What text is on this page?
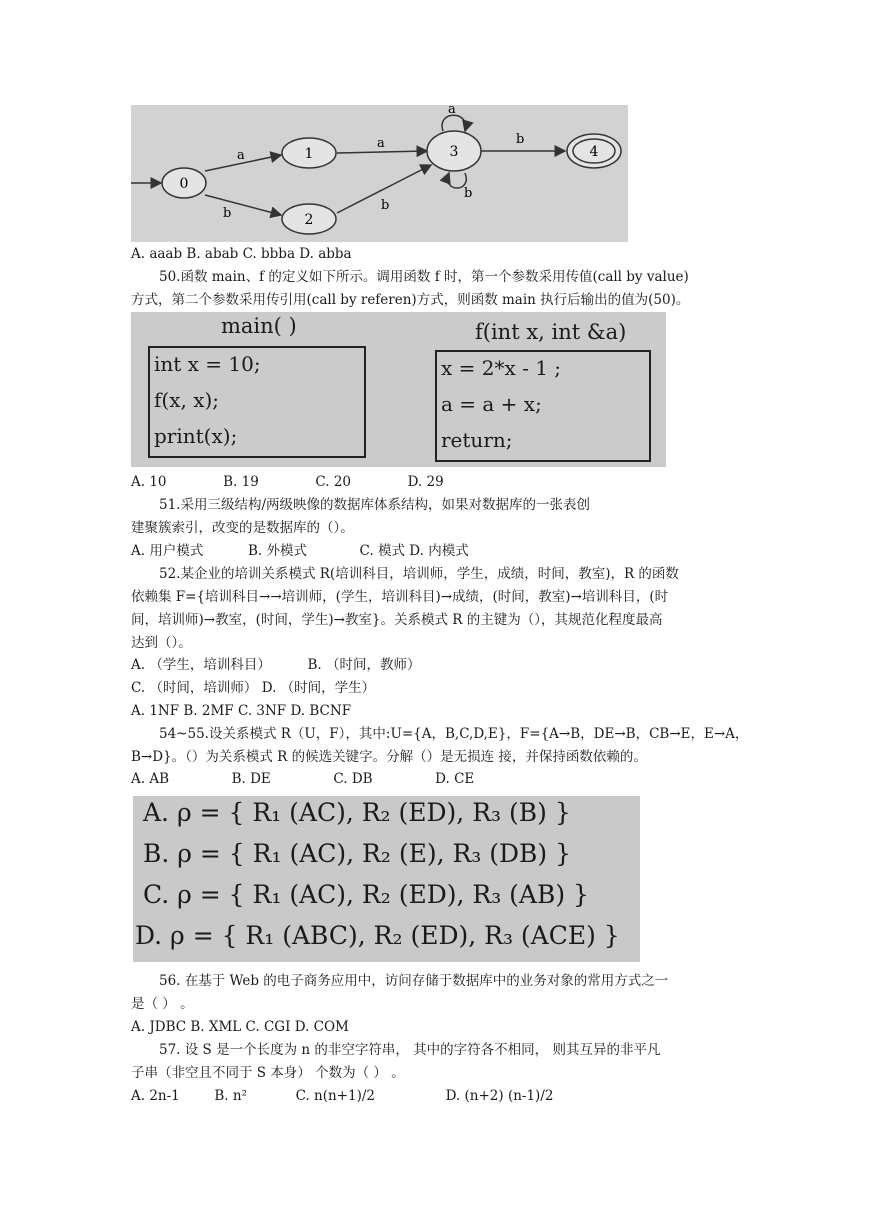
0
1
2
3	4
a
b
a
b
a
b
b
A. aaab B. abab C. bbba D. abba
50.函数 main、f 的定义如下所示。调用函数 f 时，第一个参数采用传值(call by value)
方式，第二个参数采用传引用(call by referen)方式，则函数 main 执行后输出的值为(50)。
main( )
int x = 10;
f(x, x);
print(x);
f(int x, int &a)
x = 2*x - 1 ;
a = a + x;
return;
A. 10	B. 19	C. 20	D. 29
51.采用三级结构/两级映像的数据库体系结构，如果对数据库的一张表创
建聚簇索引，改变的是数据库的（）。
A. 用户模式	B. 外模式	C. 模式 D. 内模式
52.某企业的培训关系模式 R(培训科目，培训师，学生，成绩，时间，教室)，R 的函数
依赖集 F={培训科目→→培训师，(学生，培训科目)→成绩，(时间，教室)→培训科目，(时
间，培训师)→教室，(时间，学生)→教室}。关系模式 R 的主键为（），其规范化程度最高
达到（）。
A. （学生，培训科目）	B. （时间，教师）
C. （时间，培训师） D. （时间，学生）
A. 1NF B. 2MF C. 3NF D. BCNF
54~55.设关系模式 R（U，F），其中:U={A，B,C,D,E}，F={A→B，DE→B，CB→E，E→A，
B→D}。（）为关系模式 R 的候选关键字。分解（）是无损连 接，并保持函数依赖的。
A. AB	B. DE	C. DB	D. CE
A. ρ = { R₁ (AC), R₂ (ED), R₃ (B) }
B. ρ = { R₁ (AC), R₂ (E), R₃ (DB) }
C. ρ = { R₁ (AC), R₂ (ED), R₃ (AB) }
D. ρ = { R₁ (ABC), R₂ (ED), R₃ (ACE) }
56. 在基于 Web 的电子商务应用中，访问存储于数据库中的业务对象的常用方式之一
是（ ） 。
A. JDBC B. XML C. CGI D. COM
57. 设 S 是一个长度为 n 的非空字符串， 其中的字符各不相同， 则其互异的非平凡
子串（非空且不同于 S 本身） 个数为（ ） 。
A. 2n-1	B. n²	C. n(n+1)/2	D. (n+2) (n-1)/2
